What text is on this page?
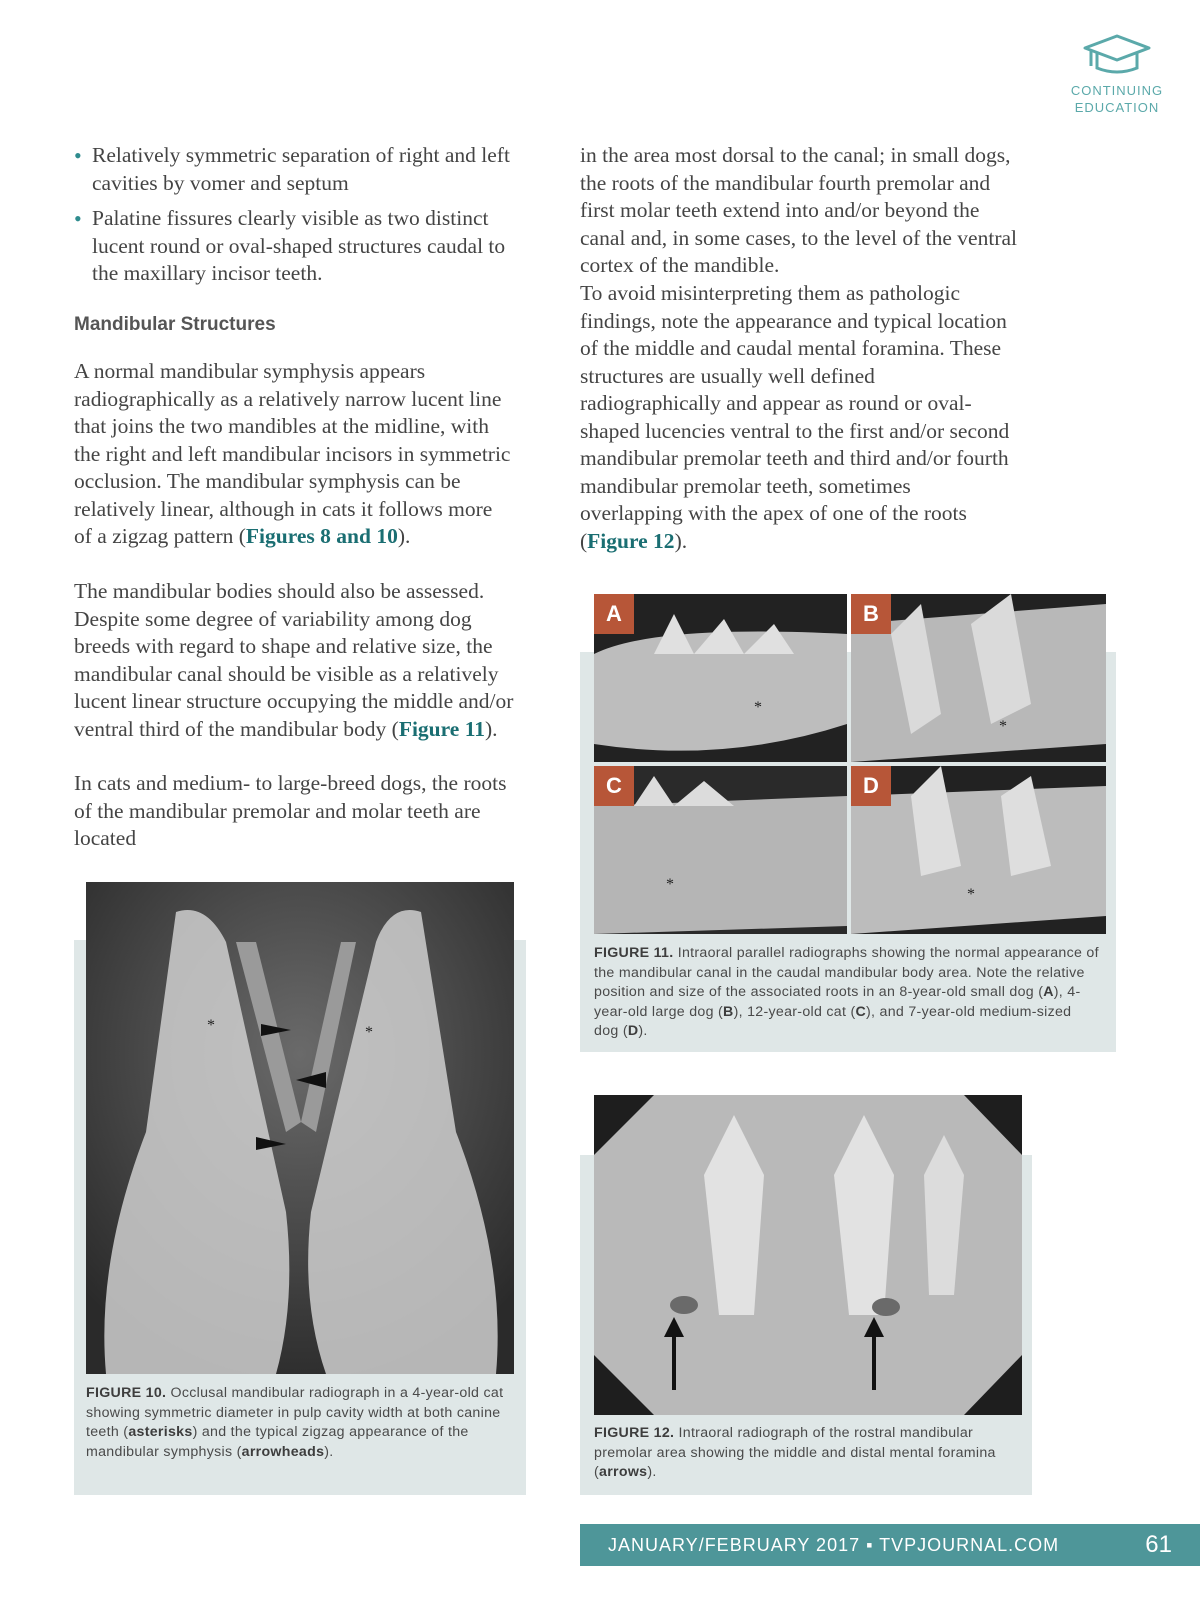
CONTINUING
EDUCATION
• Relatively symmetric separation of right and left cavities by vomer and septum
• Palatine fissures clearly visible as two distinct lucent round or oval-shaped structures caudal to the maxillary incisor teeth.
Mandibular Structures

A normal mandibular symphysis appears radiographically as a relatively narrow lucent line that joins the two mandibles at the midline, with the right and left mandibular incisors in symmetric occlusion. The mandibular symphysis can be relatively linear, although in cats it follows more of a zigzag pattern (Figures 8 and 10).

The mandibular bodies should also be assessed. Despite some degree of variability among dog breeds with regard to shape and relative size, the mandibular canal should be visible as a relatively lucent linear structure occupying the middle and/or ventral third of the mandibular body (Figure 11).

In cats and medium- to large-breed dogs, the roots of the mandibular premolar and molar teeth are located

in the area most dorsal to the canal; in small dogs, the roots of the mandibular fourth premolar and first molar teeth extend into and/or beyond the canal and, in some cases, to the level of the ventral cortex of the mandible.

To avoid misinterpreting them as pathologic findings, note the appearance and typical location of the middle and caudal mental foramina. These structures are usually well defined radiographically and appear as round or oval-shaped lucencies ventral to the first and/or second mandibular premolar teeth and third and/or fourth mandibular premolar teeth, sometimes overlapping with the apex of one of the roots (Figure 12).

*	*
FIGURE 10. Occlusal mandibular radiograph in a 4-year-old cat showing symmetric diameter in pulp cavity width at both canine teeth (asterisks) and the typical zigzag appearance of the mandibular symphysis (arrowheads).
A
*
B
*
C
*
D
*
FIGURE 11. Intraoral parallel radiographs showing the normal appearance of the mandibular canal in the caudal mandibular body area. Note the relative position and size of the associated roots in an 8-year-old small dog (A), 4-year-old large dog (B), 12-year-old cat (C), and 7-year-old medium-sized dog (D).
FIGURE 12. Intraoral radiograph of the rostral mandibular premolar area showing the middle and distal mental foramina (arrows).
JANUARY/FEBRUARY 2017 ▪ TVPJOURNAL.COM	61
